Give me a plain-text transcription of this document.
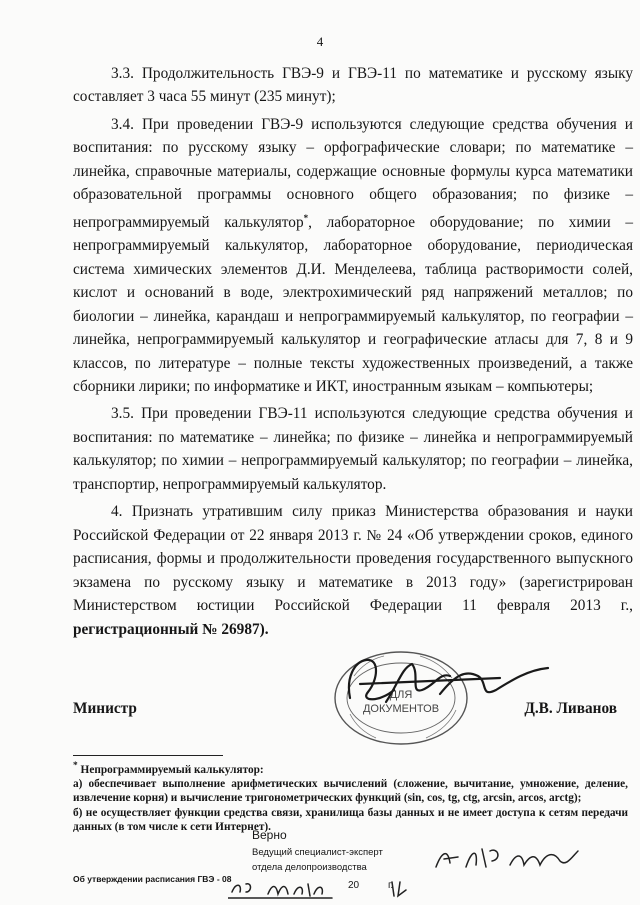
4

3.3. Продолжительность ГВЭ-9 и ГВЭ-11 по математике и русскому языку составляет 3 часа 55 минут (235 минут);

3.4. При проведении ГВЭ-9 используются следующие средства обучения и воспитания: по русскому языку – орфографические словари; по математике – линейка, справочные материалы, содержащие основные формулы курса математики образовательной программы основного общего образования; по физике – непрограммируемый калькулятор*, лабораторное оборудование; по химии – непрограммируемый калькулятор, лабораторное оборудование, периодическая система химических элементов Д.И. Менделеева, таблица растворимости солей, кислот и оснований в воде, электрохимический ряд напряжений металлов; по биологии – линейка, карандаш и непрограммируемый калькулятор, по географии – линейка, непрограммируемый калькулятор и географические атласы для 7, 8 и 9 классов, по литературе – полные тексты художественных произведений, а также сборники лирики; по информатике и ИКТ, иностранным языкам – компьютеры;

3.5. При проведении ГВЭ-11 используются следующие средства обучения и воспитания: по математике – линейка; по физике – линейка и непрограммируемый калькулятор; по химии – непрограммируемый калькулятор; по географии – линейка, транспортир, непрограммируемый калькулятор.

4. Признать утратившим силу приказ Министерства образования и науки Российской Федерации от 22 января 2013 г. № 24 «Об утверждении сроков, единого расписания, формы и продолжительности проведения государственного выпускного экзамена по русскому языку и математике в 2013 году» (зарегистрирован Министерством юстиции Российской Федерации 11 февраля 2013 г., регистрационный № 26987).

ДЛЯ
ДОКУМЕНТОВ
Министр	Д.В. Ливанов
* Непрограммируемый калькулятор:
а) обеспечивает выполнение арифметических вычислений (сложение, вычитание, умножение, деление, извлечение корня) и вычисление тригонометрических функций (sin, cos, tg, ctg, arcsin, arcos, arctg);
б) не осуществляет функции средства связи, хранилища базы данных и не имеет доступа к сетям передачи данных (в том числе к сети Интернет).
Верно
Ведущий специалист-эксперт
отдела делопроизводства
20	г.
Об утверждении расписания ГВЭ - 08
